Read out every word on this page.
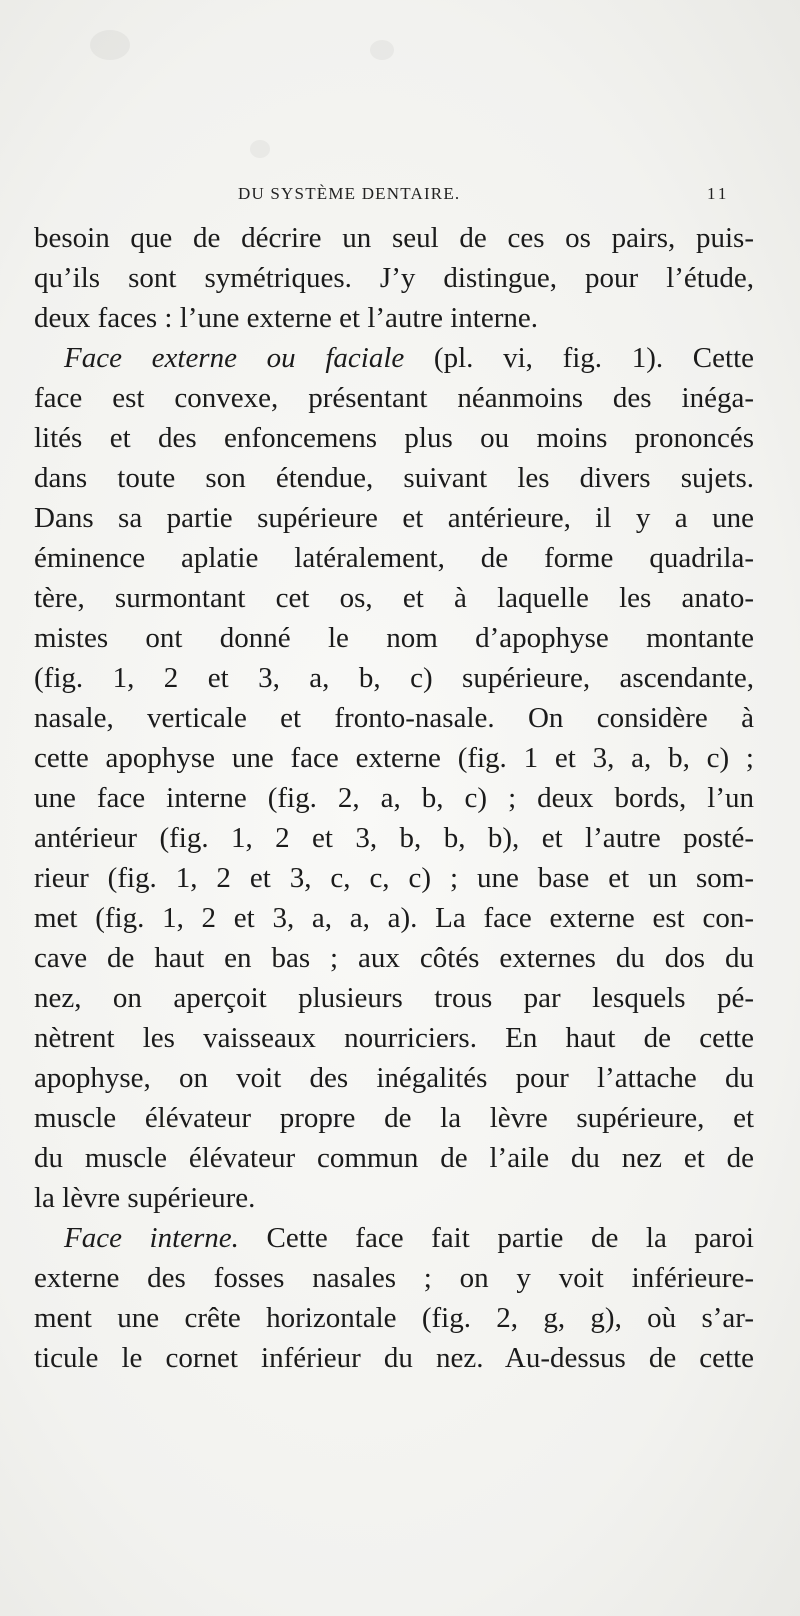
DU SYSTÈME DENTAIRE.	11
besoin que de décrire un seul de ces os pairs, puis-
qu’ils sont symétriques. J’y distingue, pour l’étude,
deux faces : l’une externe et l’autre interne.
Face externe ou faciale (pl. vi, fig. 1). Cette
face est convexe, présentant néanmoins des inéga-
lités et des enfoncemens plus ou moins prononcés
dans toute son étendue, suivant les divers sujets.
Dans sa partie supérieure et antérieure, il y a une
éminence aplatie latéralement, de forme quadrila-
tère, surmontant cet os, et à laquelle les anato-
mistes ont donné le nom d’apophyse montante
(fig. 1, 2 et 3, a, b, c) supérieure, ascendante,
nasale, verticale et fronto-nasale. On considère à
cette apophyse une face externe (fig. 1 et 3, a, b, c) ;
une face interne (fig. 2, a, b, c) ; deux bords, l’un
antérieur (fig. 1, 2 et 3, b, b, b), et l’autre posté-
rieur (fig. 1, 2 et 3, c, c, c) ; une base et un som-
met (fig. 1, 2 et 3, a, a, a). La face externe est con-
cave de haut en bas ; aux côtés externes du dos du
nez, on aperçoit plusieurs trous par lesquels pé-
nètrent les vaisseaux nourriciers. En haut de cette
apophyse, on voit des inégalités pour l’attache du
muscle élévateur propre de la lèvre supérieure, et
du muscle élévateur commun de l’aile du nez et de
la lèvre supérieure.
Face interne. Cette face fait partie de la paroi
externe des fosses nasales ; on y voit inférieure-
ment une crête horizontale (fig. 2, g, g), où s’ar-
ticule le cornet inférieur du nez. Au-dessus de cette
